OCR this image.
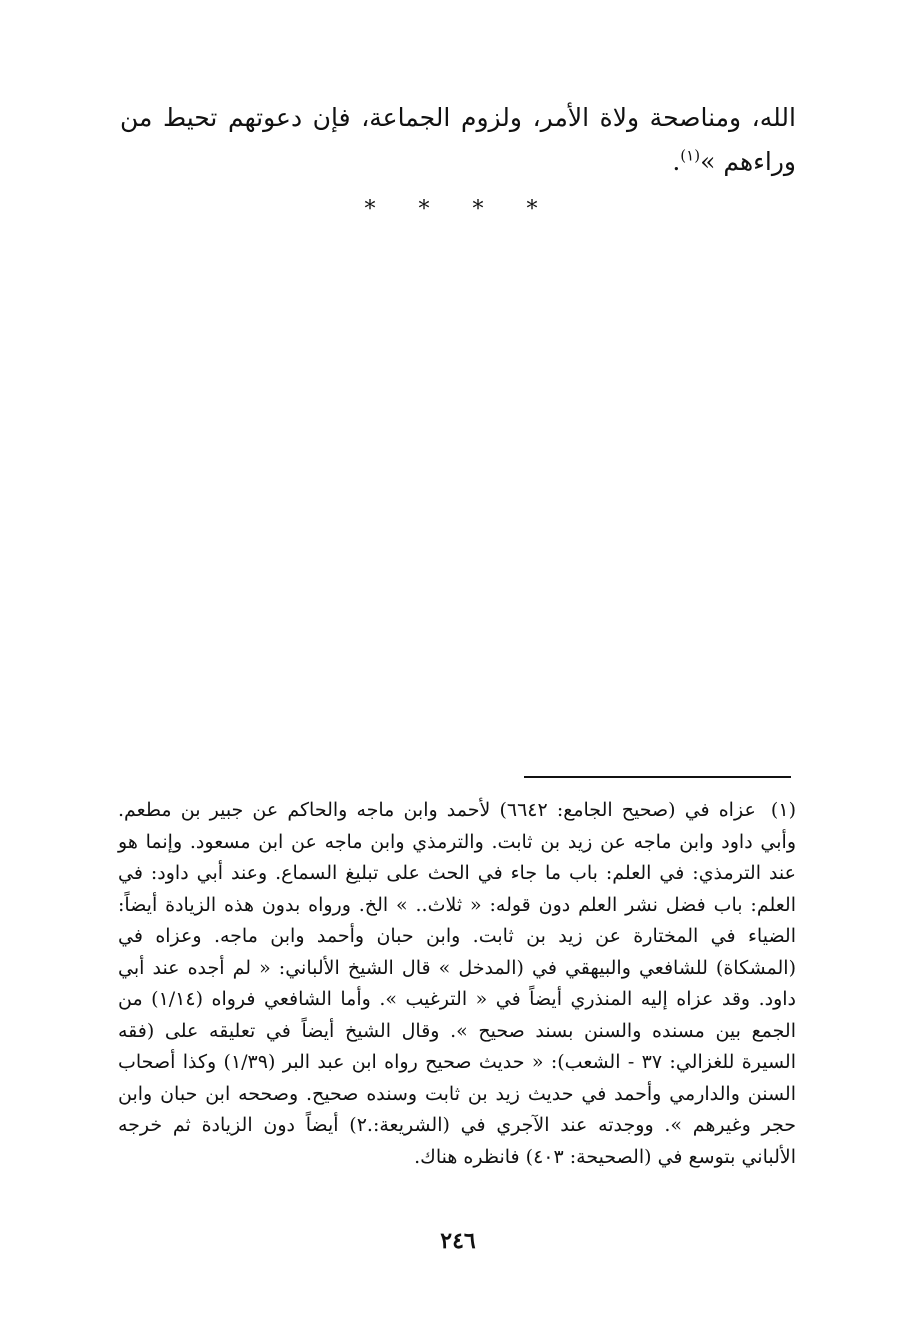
الله، ومناصحة ولاة الأمر، ولزوم الجماعة، فإن دعوتهم تحيط من وراءهم »$^{(١)}$.

* * * *
(١) عزاه في (صحيح الجامع: ٦٦٤٢) لأحمد وابن ماجه والحاكم عن جبير بن مطعم. وأبي داود وابن ماجه عن زيد بن ثابت. والترمذي وابن ماجه عن ابن مسعود. وإنما هو عند الترمذي: في العلم: باب ما جاء في الحث على تبليغ السماع. وعند أبي داود: في العلم: باب فضل نشر العلم دون قوله: « ثلاث.. » الخ. ورواه بدون هذه الزيادة أيضاً: الضياء في المختارة عن زيد بن ثابت. وابن حبان وأحمد وابن ماجه. وعزاه في (المشكاة) للشافعي والبيهقي في (المدخل » قال الشيخ الألباني: « لم أجده عند أبي داود. وقد عزاه إليه المنذري أيضاً في « الترغيب ». وأما الشافعي فرواه (١/١٤) من الجمع بين مسنده والسنن بسند صحيح ». وقال الشيخ أيضاً في تعليقه على (فقه السيرة للغزالي: ٣٧ - الشعب): « حديث صحيح رواه ابن عبد البر (١/٣٩) وكذا أصحاب السنن والدارمي وأحمد في حديث زيد بن ثابت وسنده صحيح. وصححه ابن حبان وابن حجر وغيرهم ». ووجدته عند الآجري في (الشريعة:.٢) أيضاً دون الزيادة ثم خرجه الألباني بتوسع في (الصحيحة: ٤٠٣) فانظره هناك.
٢٤٦
